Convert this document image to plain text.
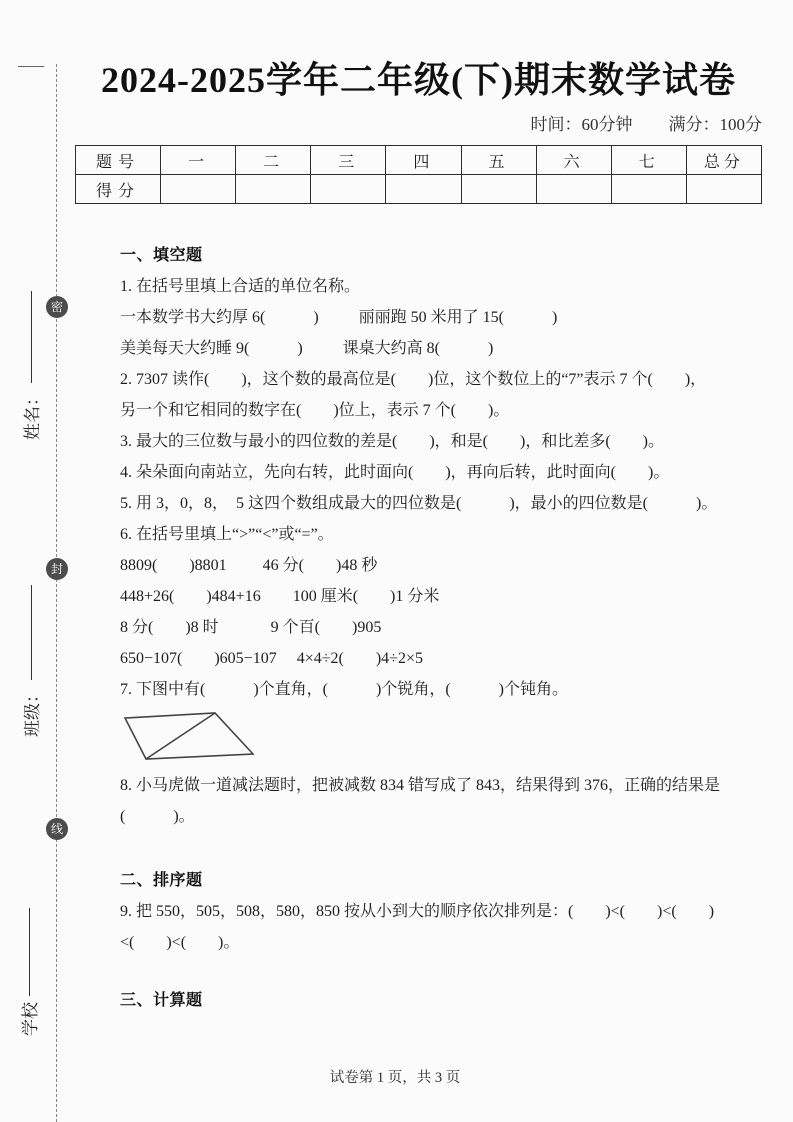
密
封
线
姓名：
班级：
学校
2024-2025学年二年级(下)期末数学试卷
时间：60分钟 满分：100分
题号	一	二	三	四	五	六	七	总分
得分								
一、填空题
1. 在括号里填上合适的单位名称。
一本数学书大约厚 6(　　　)　　  丽丽跑 50 米用了 15(　　　)
美美每天大约睡 9(　　　)　　  课桌大约高 8(　　　)
2. 7307 读作(　　)，这个数的最高位是(　　)位，这个数位上的“7”表示 7 个(　　)，
另一个和它相同的数字在(　　)位上，表示 7 个(　　)。
3. 最大的三位数与最小的四位数的差是(　　)，和是(　　)，和比差多(　　)。
4. 朵朵面向南站立，先向右转，此时面向(　　)，再向后转，此时面向(　　)。
5. 用 3，0，8，  5 这四个数组成最大的四位数是(　　　)，最小的四位数是(　　　)。
6. 在括号里填上“>”“<”或“=”。
8809(　　)8801　　 46 分(　　)48 秒
448+26(　　)484+16　　100 厘米(　　)1 分米
8 分(　　)8 时　　　 9 个百(　　)905
650−107(　　)605−107　 4×4÷2(　　)4÷2×5
7. 下图中有(　　　)个直角，(　　　)个锐角，(　　　)个钝角。
8. 小马虎做一道减法题时，把被减数 834 错写成了 843，结果得到 376，正确的结果是
(　　　)。
二、排序题
9. 把 550，505，508，580，850 按从小到大的顺序依次排列是：(　　)<(　　)<(　　)
<(　　)<(　　)。
三、计算题
试卷第 1 页，共 3 页
